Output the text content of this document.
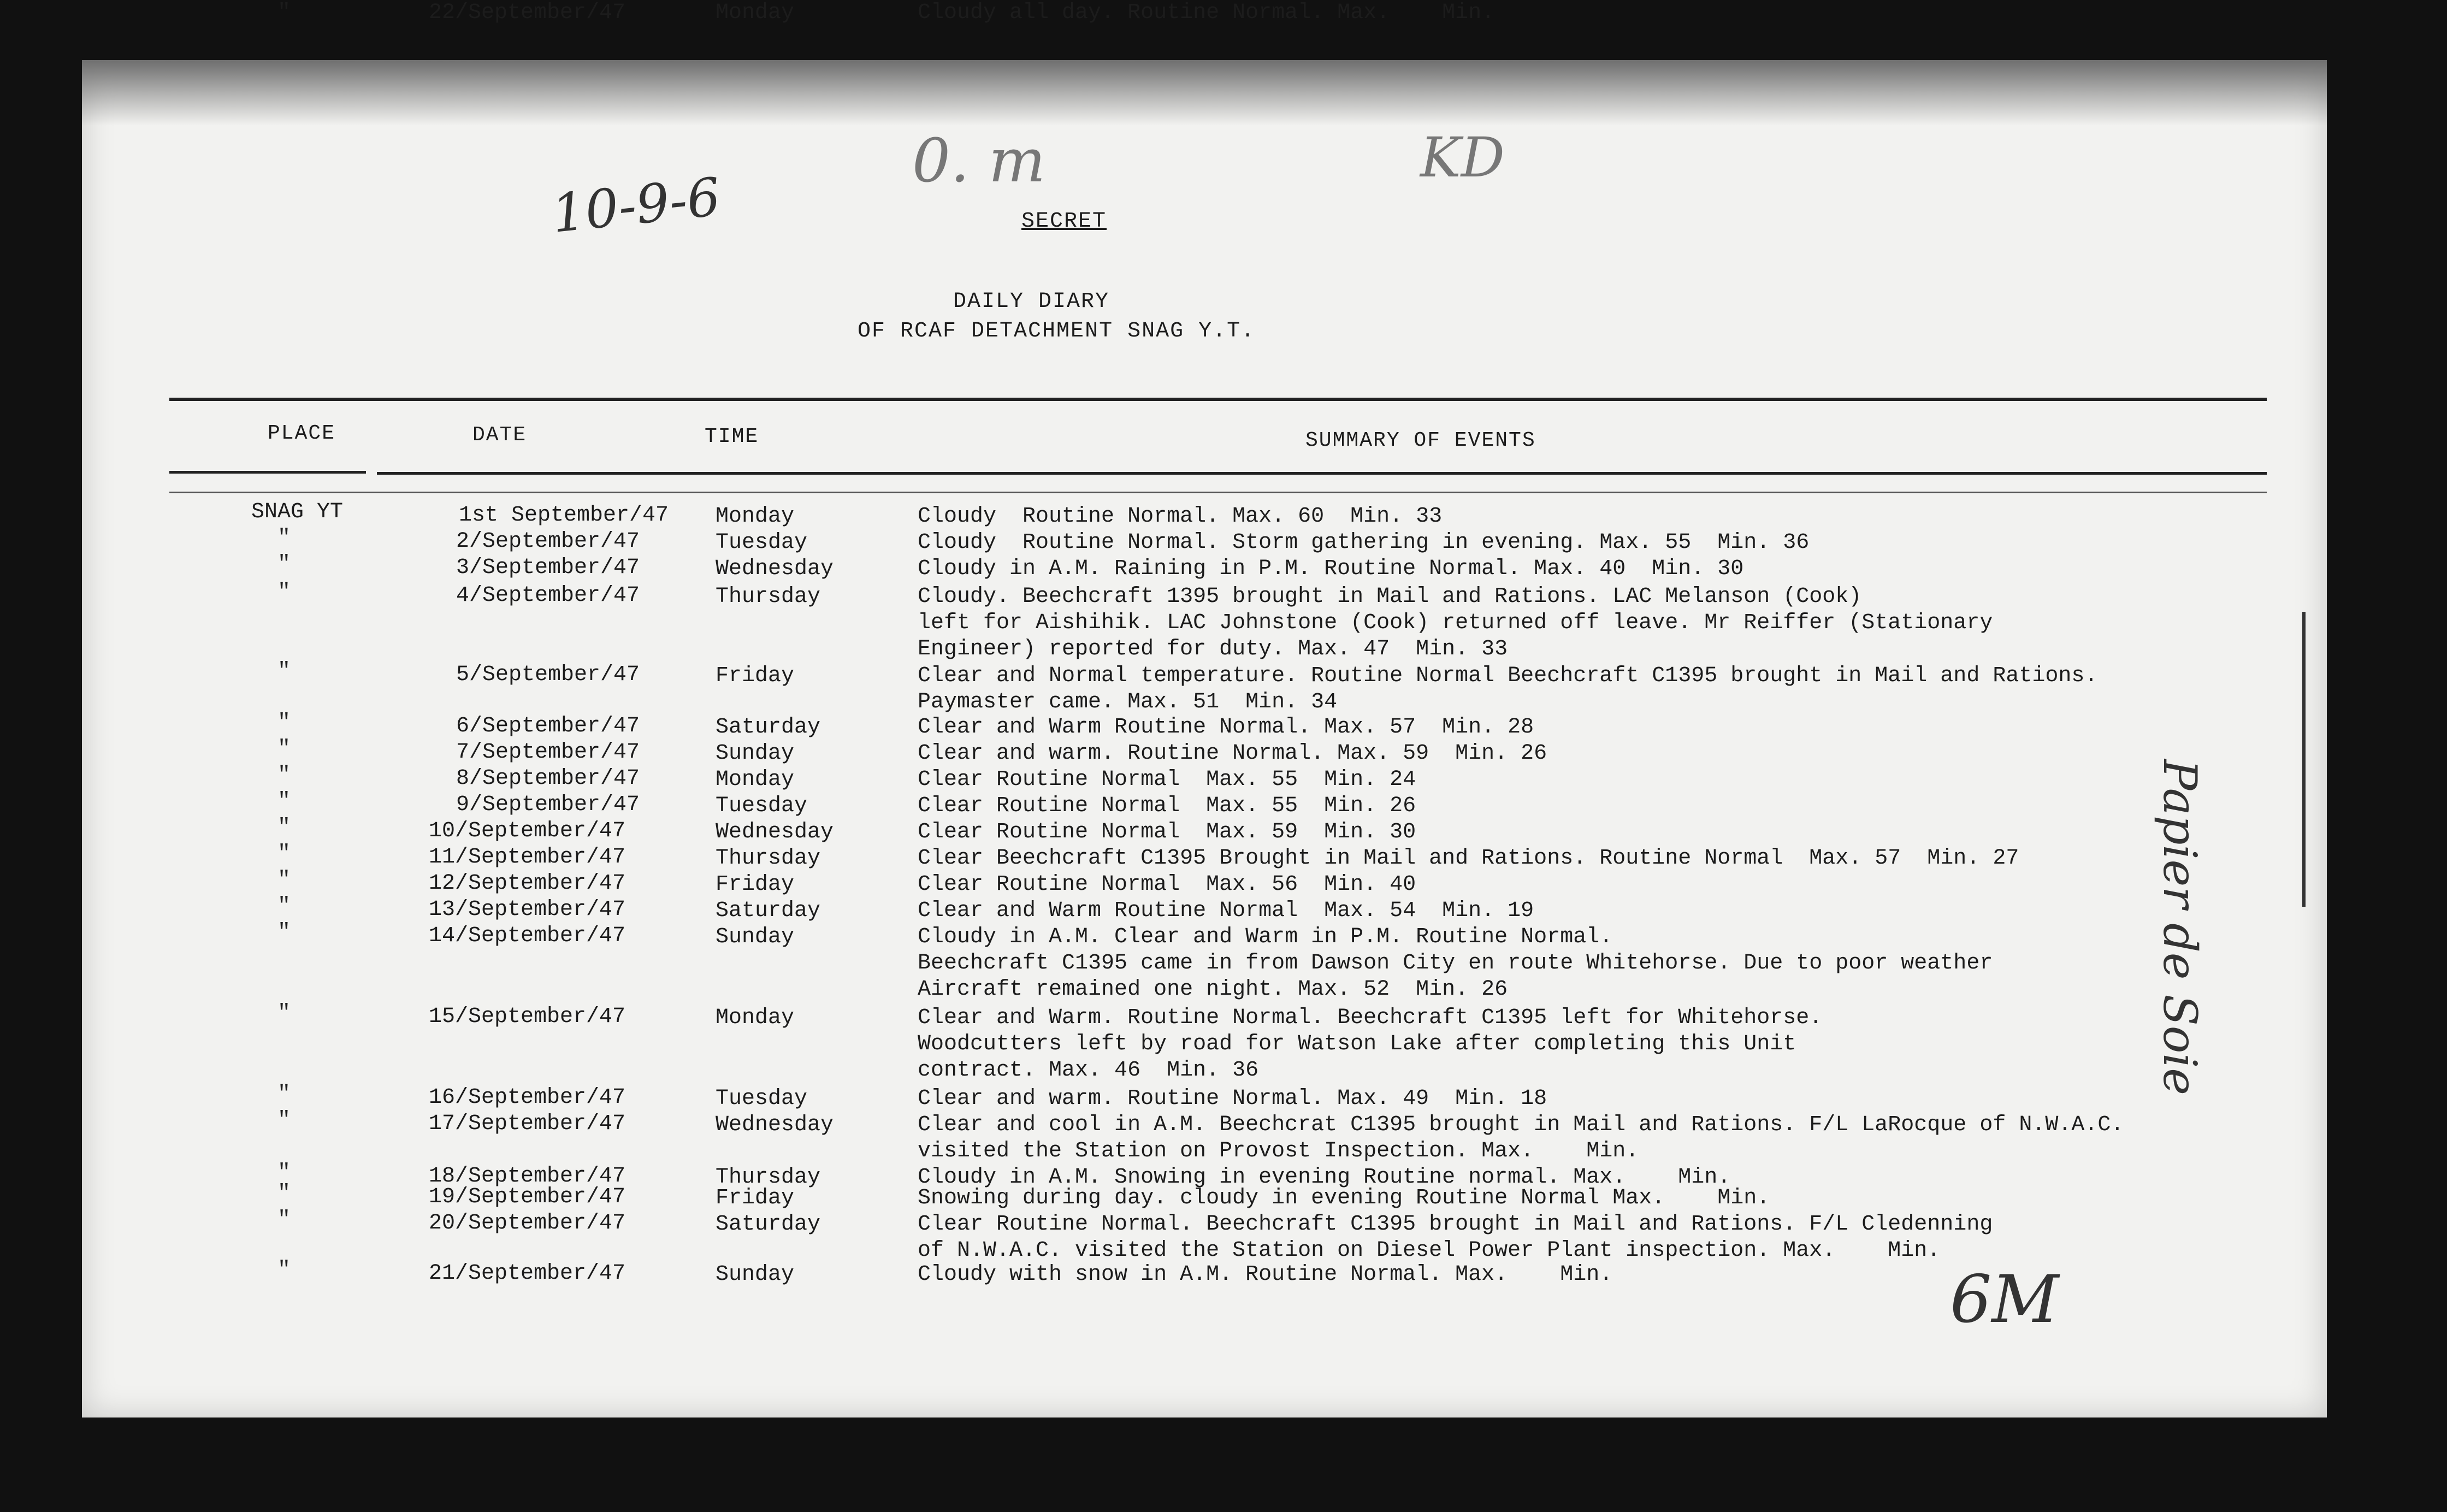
10-9-6
0. m	KD
Papier de Soie
SECRET
DAILY DIARY
OF RCAF DETACHMENT SNAG Y.T.
PLACE	DATE	TIME	SUMMARY OF EVENTS
SNAG YT	1st September/47 Monday	Cloudy  Routine Normal. Max. 60  Min. 33
"	2/September/47	Tuesday	Cloudy  Routine Normal. Storm gathering in evening. Max. 55  Min. 36
"	3/September/47	Wednesday	Cloudy in A.M. Raining in P.M. Routine Normal. Max. 40  Min. 30
"	4/September/47	Thursday	Cloudy. Beechcraft 1395 brought in Mail and Rations. LAC Melanson (Cook)
left for Aishihik. LAC Johnstone (Cook) returned off leave. Mr Reiffer (Stationary
Engineer) reported for duty. Max. 47  Min. 33
"	5/September/47	Friday	Clear and Normal temperature. Routine Normal Beechcraft C1395 brought in Mail and Rations.
Paymaster came. Max. 51  Min. 34
"	6/September/47	Saturday	Clear and Warm Routine Normal. Max. 57  Min. 28
"	7/September/47	Sunday	Clear and warm. Routine Normal. Max. 59  Min. 26
"	8/September/47	Monday	Clear Routine Normal  Max. 55  Min. 24
"	9/September/47	Tuesday	Clear Routine Normal  Max. 55  Min. 26
"	10/September/47	Wednesday	Clear Routine Normal  Max. 59  Min. 30
"	11/September/47	Thursday	Clear Beechcraft C1395 Brought in Mail and Rations. Routine Normal  Max. 57  Min. 27
"	12/September/47	Friday	Clear Routine Normal  Max. 56  Min. 40
"	13/September/47	Saturday	Clear and Warm Routine Normal  Max. 54  Min. 19
"	14/September/47	Sunday	Cloudy in A.M. Clear and Warm in P.M. Routine Normal.
Beechcraft C1395 came in from Dawson City en route Whitehorse. Due to poor weather
Aircraft remained one night. Max. 52  Min. 26
"	15/September/47	Monday	Clear and Warm. Routine Normal. Beechcraft C1395 left for Whitehorse.
Woodcutters left by road for Watson Lake after completing this Unit
contract. Max. 46  Min. 36
"	16/September/47	Tuesday	Clear and warm. Routine Normal. Max. 49  Min. 18
"	17/September/47	Wednesday	Clear and cool in A.M. Beechcrat C1395 brought in Mail and Rations. F/L LaRocque of N.W.A.C.
visited the Station on Provost Inspection. Max.    Min.
"	18/September/47	Thursday	Cloudy in A.M. Snowing in evening Routine normal. Max.    Min.
"	19/September/47	Friday	Snowing during day. cloudy in evening Routine Normal Max.    Min.
"	20/September/47	Saturday	Clear Routine Normal. Beechcraft C1395 brought in Mail and Rations. F/L Cledenning
of N.W.A.C. visited the Station on Diesel Power Plant inspection. Max.    Min.
"	21/September/47	Sunday	Cloudy with snow in A.M. Routine Normal. Max.    Min.
"	22/September/47	Monday	Cloudy all day. Routine Normal. Max.    Min.
6M
